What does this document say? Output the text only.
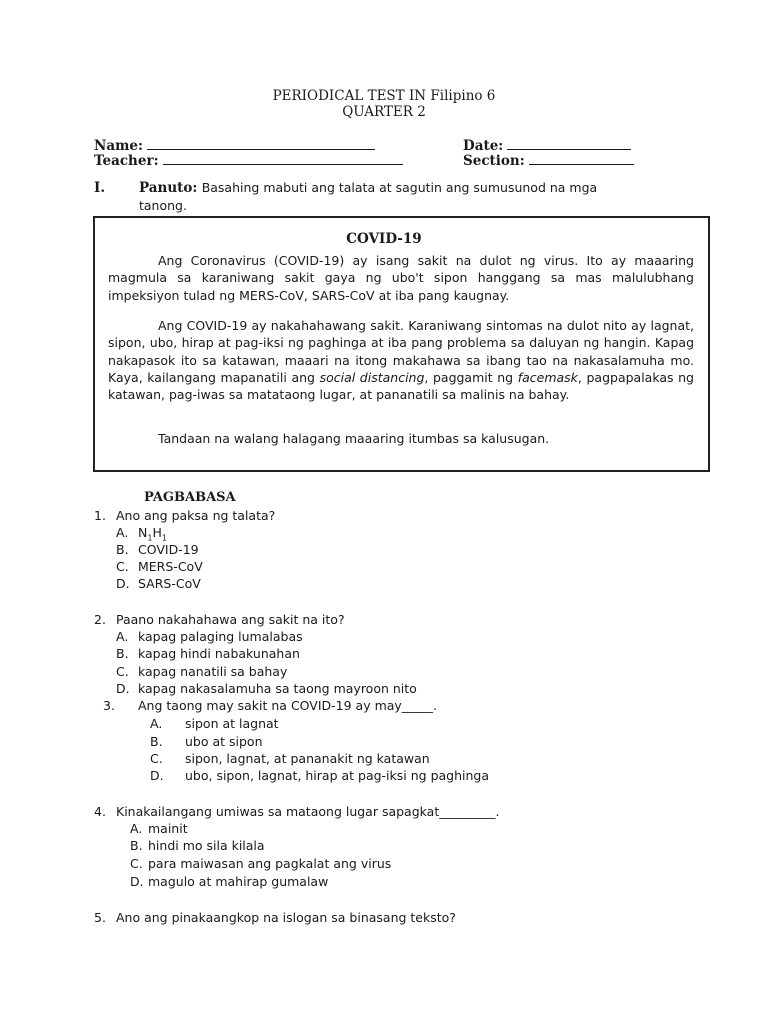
PERIODICAL TEST IN Filipino 6
QUARTER 2
Name:	Date:
Teacher:	Section:
I.	Panuto: Basahing mabuti ang talata at sagutin ang sumusunod na mga
tanong.
COVID-19
Ang Coronavirus (COVID-19) ay isang sakit na dulot ng virus. Ito ay maaaring magmula sa karaniwang sakit gaya ng ubo't sipon hanggang sa mas malulubhang impeksiyon tulad ng MERS-CoV, SARS-CoV at iba pang kaugnay.
Ang COVID-19 ay nakahahawang sakit. Karaniwang sintomas na dulot nito ay lagnat, sipon, ubo, hirap at pag-iksi ng paghinga at iba pang problema sa daluyan ng hangin. Kapag nakapasok ito sa katawan, maaari na itong makahawa sa ibang tao na nakasalamuha mo. Kaya, kailangang mapanatili ang social distancing, paggamit ng facemask, pagpapalakas ng katawan, pag-iwas sa matataong lugar, at pananatili sa malinis na bahay.
Tandaan na walang halagang maaaring itumbas sa kalusugan.
PAGBABASA
1. Ano ang paksa ng talata?
A. $N_1H_1$
B. COVID-19
C. MERS-CoV
D. SARS-CoV
2. Paano nakahahawa ang sakit na ito?
A. kapag palaging lumalabas
B. kapag hindi nabakunahan
C. kapag nanatili sa bahay
D. kapag nakasalamuha sa taong mayroon nito
3. Ang taong may sakit na COVID-19 ay may_____.
A. sipon at lagnat
B. ubo at sipon
C. sipon, lagnat, at pananakit ng katawan
D. ubo, sipon, lagnat, hirap at pag-iksi ng paghinga
4. Kinakailangang umiwas sa mataong lugar sapagkat_________.
A. mainit
B. hindi mo sila kilala
C. para maiwasan ang pagkalat ang virus
D. magulo at mahirap gumalaw
5. Ano ang pinakaangkop na islogan sa binasang teksto?
